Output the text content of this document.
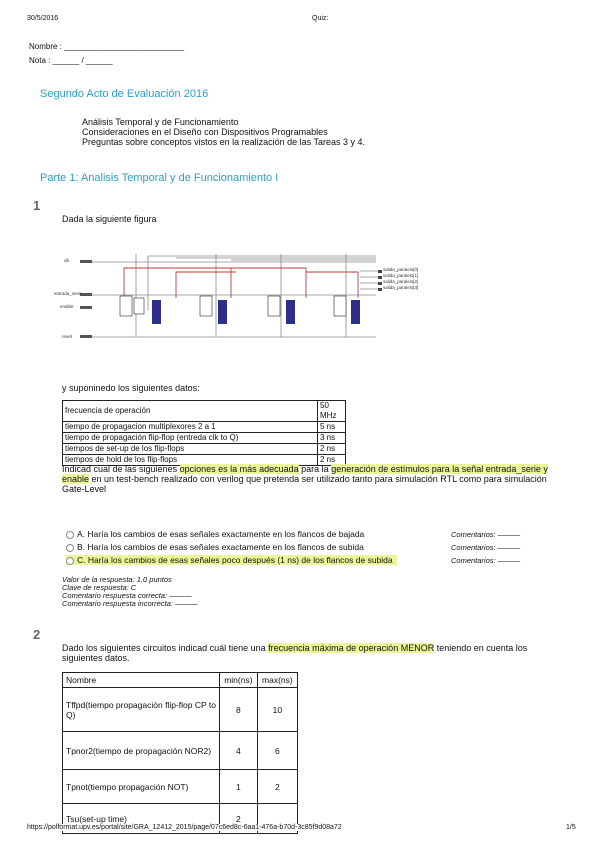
30/5/2016	Quiz:
Nombre : ___________________________
Nota : ______ / ______
Segundo Acto de Evaluación 2016
Análisis Temporal y de Funcionamiento
Consideraciones en el Diseño con Dispositivos Programables
Preguntas sobre conceptos vistos en la realización de las Tareas 3 y 4.
Parte 1: Analisis Temporal y de Funcionamiento I
1
Dada la siguiente figura
salida_paralelo[0]
salida_paralelo[1]
salida_paralelo[2]
salida_paralelo[3]
clk
entrada_serie
enable
reset
y suponinedo los siguientes datos:
frecuencia de operación	50 MHz
tiempo de propagacion multiplexores 2 a 1	5 ns
tiempo de propagación flip-flop (entreda clk to Q)	3 ns
tiempos de set-up de los flip-flops	2 ns
tiempos de hold de los flip-flops	2 ns
Indicad cual de las siguienes opciones es la más adecuada para la generación de estímulos para la señal entrada_serie y enable en un test-bench realizado con verilog que pretenda ser utilizado tanto para simulación RTL como para simulación Gate-Level
A. Haría los cambios de esas señales exactamente en los flancos de bajada	Comentarios: ———
B. Haría los cambios de esas señales exactamente en los flancos de subida	Comentarios: ———
C. Haría los cambios de esas señales poco después (1 ns) de los flancos de subida	Comentarios: ———
Valor de la respuesta: 1.0 puntos
Clave de respuesta: C
Comentario respuesta correcta: ———
Comentario respuesta incorrecta: ———
2
Dado los siguientes circuitos indicad cuál tiene una frecuencia máxima de operación MENOR teniendo en cuenta los siguientes datos.
Nombre	min(ns)	max(ns)
Tffpd(tiempo propagación flip-flop CP to Q)	8	10
Tpnor2(tiempo de propagación NOR2)	4	6
Tpnot(tiempo propagación NOT)	1	2
Tsu(set-up time)	2	
https://polformat.upv.es/portal/site/GRA_12412_2015/page/07c6ed8c-6aa1-476a-b70d-3c85f9d08a72	1/5
